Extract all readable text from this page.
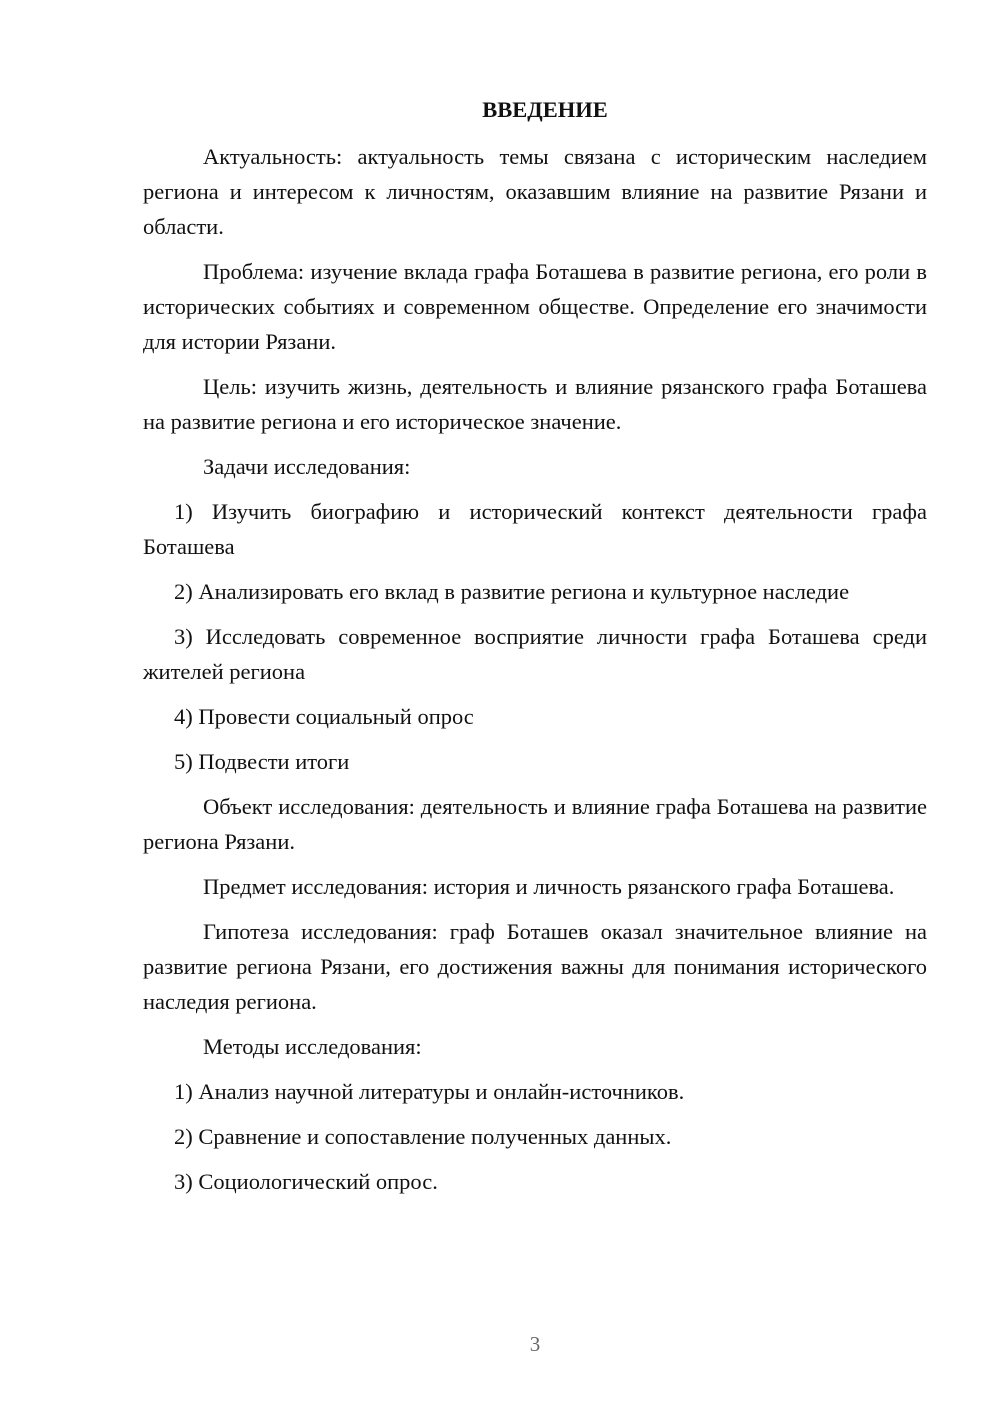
ВВЕДЕНИЕ

Актуальность: актуальность темы связана с историческим наследием региона и интересом к личностям, оказавшим влияние на развитие Рязани и области.

Проблема: изучение вклада графа Боташева в развитие региона, его роли в исторических событиях и современном обществе. Определение его значимости для истории Рязани.

Цель: изучить жизнь, деятельность и влияние рязанского графа Боташева на развитие региона и его историческое значение.

Задачи исследования:

1) Изучить биографию и исторический контекст деятельности графа Боташева

2) Анализировать его вклад в развитие региона и культурное наследие

3) Исследовать современное восприятие личности графа Боташева среди жителей региона

4) Провести социальный опрос

5) Подвести итоги

Объект исследования: деятельность и влияние графа Боташева на развитие региона Рязани.

Предмет исследования: история и личность рязанского графа Боташева.

Гипотеза исследования: граф Боташев оказал значительное влияние на развитие региона Рязани, его достижения важны для понимания исторического наследия региона.

Методы исследования:

1) Анализ научной литературы и онлайн-источников.

2) Сравнение и сопоставление полученных данных.

3) Социологический опрос.

3
